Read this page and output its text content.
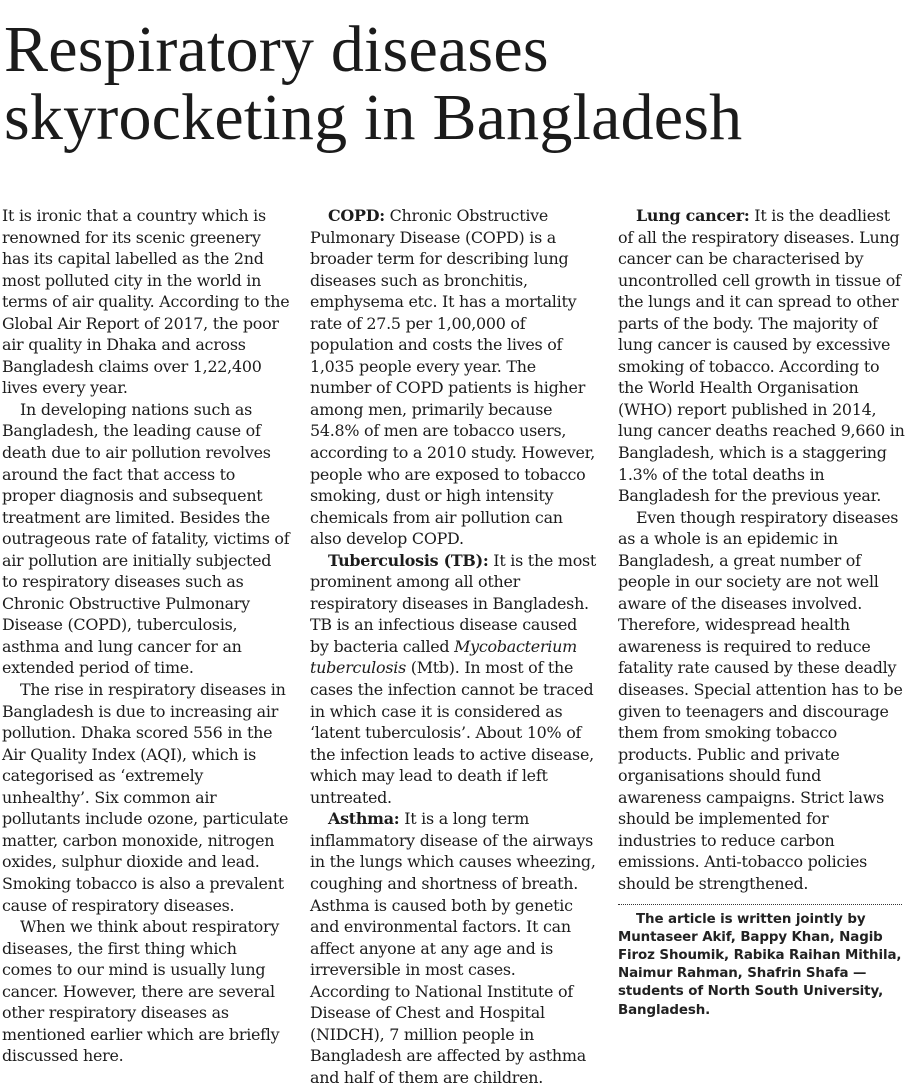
Respiratory diseases skyrocketing in Bangladesh

It is ironic that a country which is renowned for its scenic greenery has its capital labelled as the 2nd most polluted city in the world in terms of air quality. According to the Global Air Report of 2017, the poor air quality in Dhaka and across Bangladesh claims over 1,22,400 lives every year.

In developing nations such as Bangladesh, the leading cause of death due to air pollution revolves around the fact that access to proper diagnosis and subsequent treatment are limited. Besides the outrageous rate of fatality, victims of air pollution are initially subjected to respiratory diseases such as Chronic Obstructive Pulmonary Disease (COPD), tuberculosis, asthma and lung cancer for an extended period of time.

The rise in respiratory diseases in Bangladesh is due to increasing air pollution. Dhaka scored 556 in the Air Quality Index (AQI), which is categorised as ‘extremely unhealthy’. Six common air pollutants include ozone, particulate matter, carbon monoxide, nitrogen oxides, sulphur dioxide and lead. Smoking tobacco is also a prevalent cause of respiratory diseases.

When we think about respiratory diseases, the first thing which comes to our mind is usually lung cancer. However, there are several other respiratory diseases as mentioned earlier which are briefly discussed here.

COPD: Chronic Obstructive Pulmonary Disease (COPD) is a broader term for describing lung diseases such as bronchitis, emphysema etc. It has a mortality rate of 27.5 per 1,00,000 of population and costs the lives of 1,035 people every year. The number of COPD patients is higher among men, primarily because 54.8% of men are tobacco users, according to a 2010 study. However, people who are exposed to tobacco smoking, dust or high intensity chemicals from air pollution can also develop COPD.

Tuberculosis (TB): It is the most prominent among all other respiratory diseases in Bangladesh. TB is an infectious disease caused by bacteria called Mycobacterium tuberculosis (Mtb). In most of the cases the infection cannot be traced in which case it is considered as ‘latent tuberculosis’. About 10% of the infection leads to active disease, which may lead to death if left untreated.

Asthma: It is a long term inflammatory disease of the airways in the lungs which causes wheezing, coughing and shortness of breath. Asthma is caused both by genetic and environmental factors. It can affect anyone at any age and is irreversible in most cases. According to National Institute of Disease of Chest and Hospital (NIDCH), 7 million people in Bangladesh are affected by asthma and half of them are children.

Lung cancer: It is the deadliest of all the respiratory diseases. Lung cancer can be characterised by uncontrolled cell growth in tissue of the lungs and it can spread to other parts of the body. The majority of lung cancer is caused by excessive smoking of tobacco. According to the World Health Organisation (WHO) report published in 2014, lung cancer deaths reached 9,660 in Bangladesh, which is a staggering 1.3% of the total deaths in Bangladesh for the previous year.

Even though respiratory diseases as a whole is an epidemic in Bangladesh, a great number of people in our society are not well aware of the diseases involved. Therefore, widespread health awareness is required to reduce fatality rate caused by these deadly diseases. Special attention has to be given to teenagers and discourage them from smoking tobacco products. Public and private organisations should fund awareness campaigns. Strict laws should be implemented for industries to reduce carbon emissions. Anti-tobacco policies should be strengthened.

The article is written jointly by Muntaseer Akif, Bappy Khan, Nagib Firoz Shoumik, Rabika Raihan Mithila, Naimur Rahman, Shafrin Shafa — students of North South University, Bangladesh.
